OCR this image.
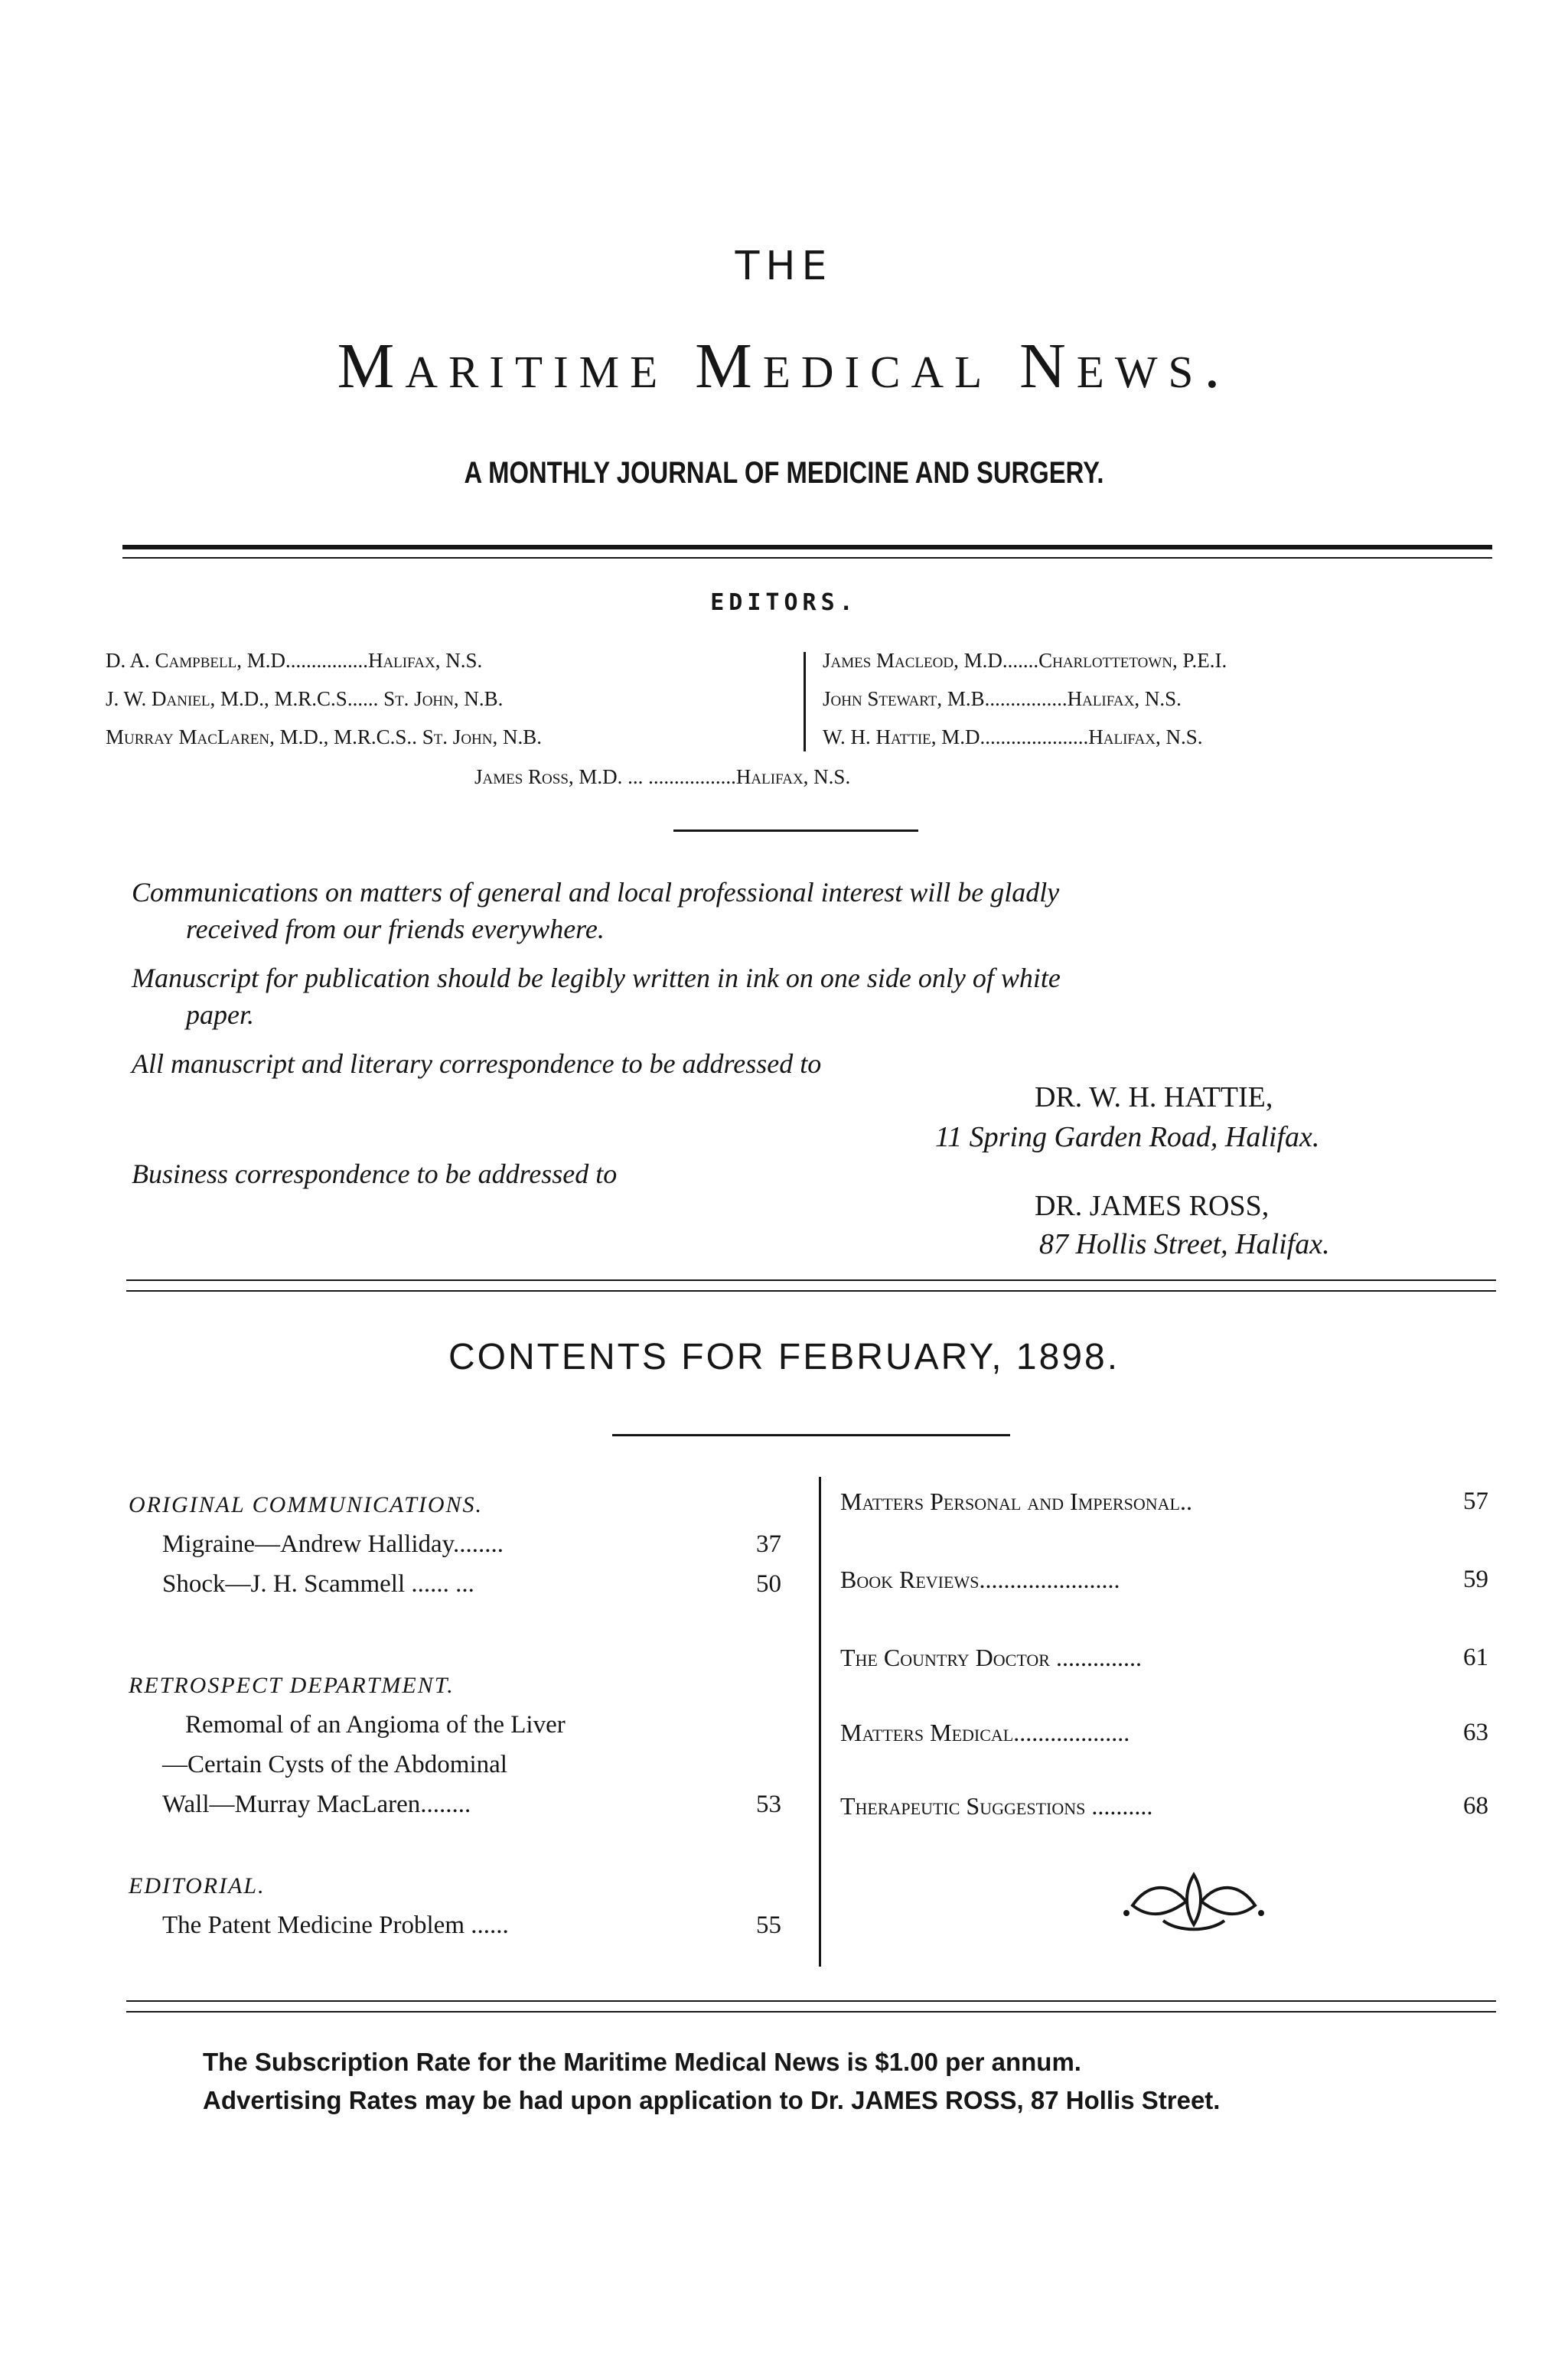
THE
Maritime Medical News.
A MONTHLY JOURNAL OF MEDICINE AND SURGERY.
EDITORS.
D. A. Campbell, M.D................Halifax, N.S.
J. W. Daniel, M.D., M.R.C.S...... St. John, N.B.
Murray MacLaren, M.D., M.R.C.S.. St. John, N.B.
James Macleod, M.D.......Charlottetown, P.E.I.
John Stewart, M.B................Halifax, N.S.
W. H. Hattie, M.D.....................Halifax, N.S.
James Ross, M.D. ... .................Halifax, N.S.
Communications on matters of general and local professional interest will be gladly
received from our friends everywhere.
Manuscript for publication should be legibly written in ink on one side only of white
paper.
All manuscript and literary correspondence to be addressed to
DR. W. H. HATTIE,
11 Spring Garden Road, Halifax.
Business correspondence to be addressed to
DR. JAMES ROSS,
87 Hollis Street, Halifax.
CONTENTS FOR FEBRUARY, 1898.
ORIGINAL COMMUNICATIONS.
Migraine—Andrew Halliday........	37
Shock—J. H. Scammell ...... ...	50
RETROSPECT DEPARTMENT.
Remomal of an Angioma of the Liver
—Certain Cysts of the Abdominal
Wall—Murray MacLaren........	53
EDITORIAL.
The Patent Medicine Problem ......	55
Matters Personal and Impersonal..	57
Book Reviews.......................	59
The Country Doctor ..............	61
Matters Medical...................	63
Therapeutic Suggestions ..........	68
The Subscription Rate for the Maritime Medical News is $1.00 per annum.
Advertising Rates may be had upon application to Dr. JAMES ROSS, 87 Hollis Street.
